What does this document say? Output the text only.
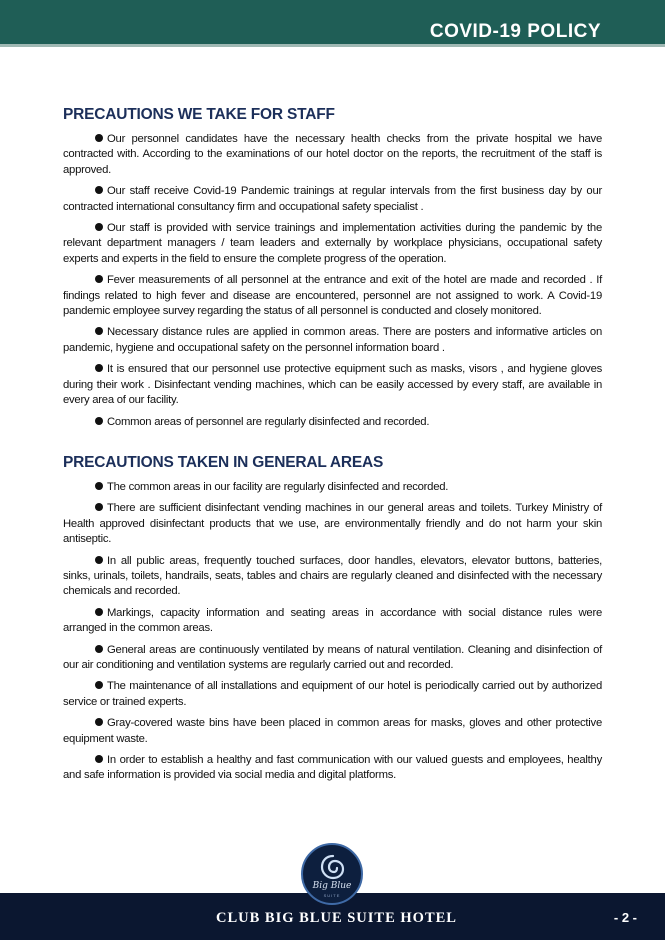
COVID-19 POLICY
PRECAUTIONS WE TAKE FOR STAFF

Our personnel candidates have the necessary health checks from the private hospital we have contracted with. According to the examinations of our hotel doctor on the reports, the recruitment of the staff is approved.

Our staff receive Covid-19 Pandemic trainings at regular intervals from the first business day by our contracted international consultancy firm and occupational safety specialist .

Our staff is provided with service trainings and implementation activities during the pandemic by the relevant department managers / team leaders and externally by workplace physicians, occupational safety experts and experts in the field to ensure the complete progress of the operation.

Fever measurements of all personnel at the entrance and exit of the hotel are made and recorded . If findings related to high fever and disease are encountered, personnel are not assigned to work. A Covid-19 pandemic employee survey regarding the status of all personnel is conducted and closely monitored.

Necessary distance rules are applied in common areas. There are posters and informative articles on pandemic, hygiene and occupational safety on the personnel information board .

It is ensured that our personnel use protective equipment such as masks, visors , and hygiene gloves during their work . Disinfectant vending machines, which can be easily accessed by every staff, are available in every area of our facility.

Common areas of personnel are regularly disinfected and recorded.

PRECAUTIONS TAKEN IN GENERAL AREAS

The common areas in our facility are regularly disinfected and recorded.

There are sufficient disinfectant vending machines in our general areas and toilets. Turkey Ministry of Health approved disinfectant products that we use, are environmentally friendly and do not harm your skin antiseptic.

In all public areas, frequently touched surfaces, door handles, elevators, elevator buttons, batteries, sinks, urinals, toilets, handrails, seats, tables and chairs are regularly cleaned and disinfected with the necessary chemicals and recorded.

Markings, capacity information and seating areas in accordance with social distance rules were arranged in the common areas.

General areas are continuously ventilated by means of natural ventilation. Cleaning and disinfection of our air conditioning and ventilation systems are regularly carried out and recorded.

The maintenance of all installations and equipment of our hotel is periodically carried out by authorized service or trained experts.

Gray-covered waste bins have been placed in common areas for masks, gloves and other protective equipment waste.

In order to establish a healthy and fast communication with our valued guests and employees, healthy and safe information is provided via social media and digital platforms.

Big Blue
SUITE
CLUB BIG BLUE SUITE HOTEL	- 2 -
